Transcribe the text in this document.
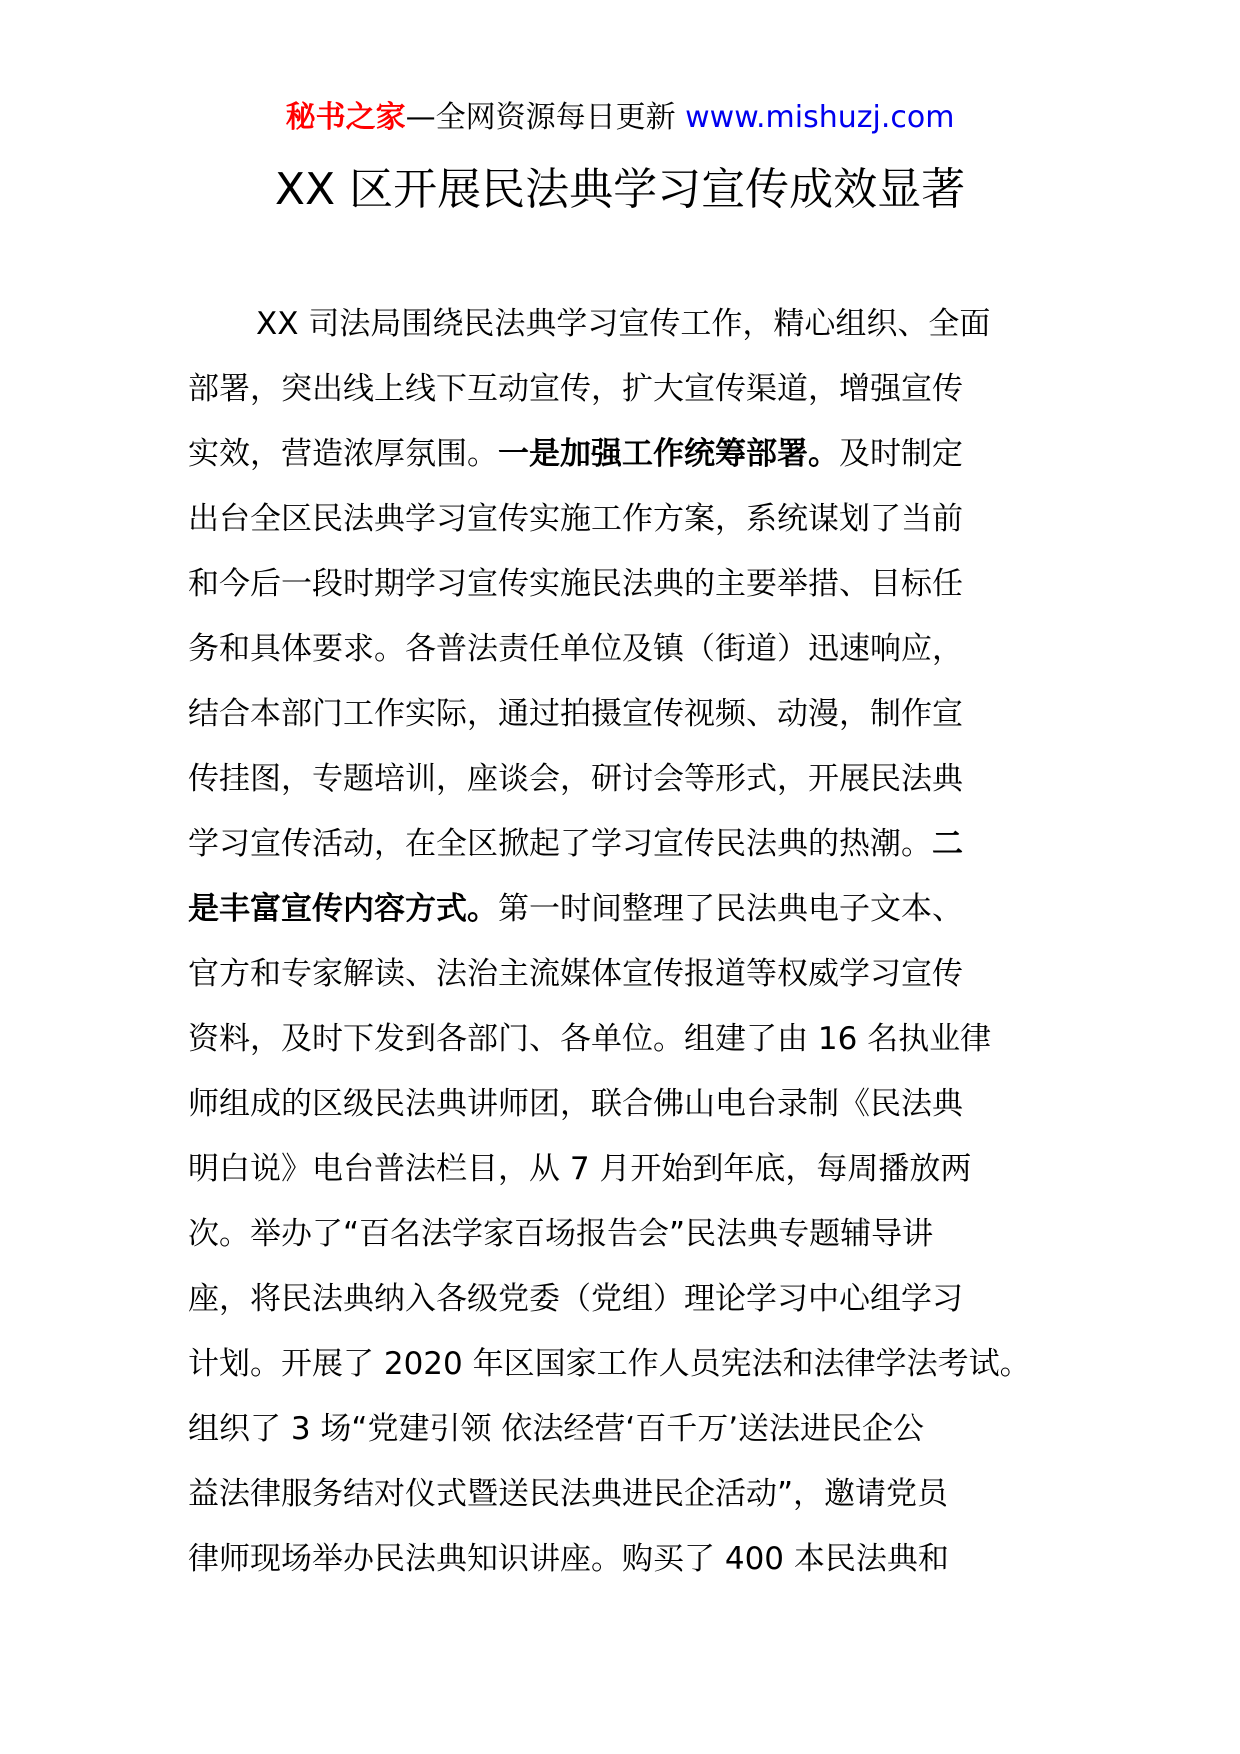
秘书之家—全网资源每日更新 www.mishuzj.com
XX 区开展民法典学习宣传成效显著
XX 司法局围绕民法典学习宣传工作，精心组织、全面
部署，突出线上线下互动宣传，扩大宣传渠道，增强宣传
实效，营造浓厚氛围。一是加强工作统筹部署。及时制定
出台全区民法典学习宣传实施工作方案，系统谋划了当前
和今后一段时期学习宣传实施民法典的主要举措、目标任
务和具体要求。各普法责任单位及镇（街道）迅速响应，
结合本部门工作实际，通过拍摄宣传视频、动漫，制作宣
传挂图，专题培训，座谈会，研讨会等形式，开展民法典
学习宣传活动，在全区掀起了学习宣传民法典的热潮。二
是丰富宣传内容方式。第一时间整理了民法典电子文本、
官方和专家解读、法治主流媒体宣传报道等权威学习宣传
资料，及时下发到各部门、各单位。组建了由 16 名执业律
师组成的区级民法典讲师团，联合佛山电台录制《民法典
明白说》电台普法栏目，从 7 月开始到年底，每周播放两
次。举办了“百名法学家百场报告会”民法典专题辅导讲
座，将民法典纳入各级党委（党组）理论学习中心组学习
计划。开展了 2020 年区国家工作人员宪法和法律学法考试。
组织了 3 场“党建引领 依法经营‘百千万’送法进民企公
益法律服务结对仪式暨送民法典进民企活动”，邀请党员
律师现场举办民法典知识讲座。购买了 400 本民法典和
